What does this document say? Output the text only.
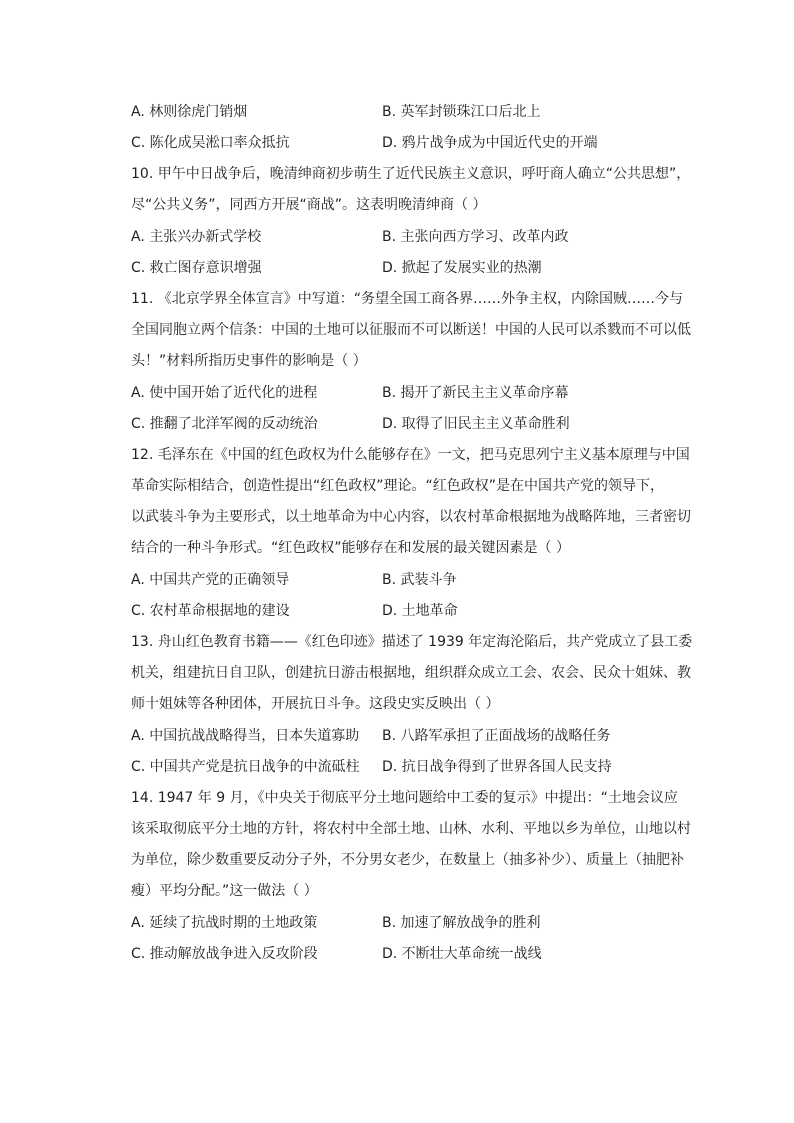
A. 林则徐虎门销烟	B. 英军封锁珠江口后北上
C. 陈化成吴淞口率众抵抗	D. 鸦片战争成为中国近代史的开端
10. 甲午中日战争后，晚清绅商初步萌生了近代民族主义意识，呼吁商人确立“公共思想”，
尽“公共义务”，同西方开展“商战”。这表明晚清绅商（ ）
A. 主张兴办新式学校	B. 主张向西方学习、改革内政
C. 救亡图存意识增强	D. 掀起了发展实业的热潮
11. 《北京学界全体宣言》中写道：“务望全国工商各界……外争主权，内除国贼……今与
全国同胞立两个信条：中国的土地可以征服而不可以断送！中国的人民可以杀戮而不可以低
头！”材料所指历史事件的影响是（ ）
A. 使中国开始了近代化的进程	B. 揭开了新民主主义革命序幕
C. 推翻了北洋军阀的反动统治	D. 取得了旧民主主义革命胜利
12. 毛泽东在《中国的红色政权为什么能够存在》一文，把马克思列宁主义基本原理与中国
革命实际相结合，创造性提出“红色政权”理论。“红色政权”是在中国共产党的领导下，
以武装斗争为主要形式，以土地革命为中心内容，以农村革命根据地为战略阵地，三者密切
结合的一种斗争形式。“红色政权”能够存在和发展的最关键因素是（ ）
A. 中国共产党的正确领导	B. 武装斗争
C. 农村革命根据地的建设	D. 土地革命
13. 舟山红色教育书籍——《红色印迹》描述了 1939 年定海沦陷后，共产党成立了县工委
机关，组建抗日自卫队，创建抗日游击根据地，组织群众成立工会、农会、民众十姐妹、教
师十姐妹等各种团体，开展抗日斗争。这段史实反映出（ ）
A. 中国抗战战略得当，日本失道寡助 B. 八路军承担了正面战场的战略任务
C. 中国共产党是抗日战争的中流砥柱 D. 抗日战争得到了世界各国人民支持
14. 1947 年 9 月，《中央关于彻底平分土地问题给中工委的复示》中提出：“土地会议应
该采取彻底平分土地的方针，将农村中全部土地、山林、水利、平地以乡为单位，山地以村
为单位，除少数重要反动分子外，不分男女老少，在数量上（抽多补少）、质量上（抽肥补
瘦）平均分配。”这一做法（ ）
A. 延续了抗战时期的土地政策	B. 加速了解放战争的胜利
C. 推动解放战争进入反攻阶段	D. 不断壮大革命统一战线
